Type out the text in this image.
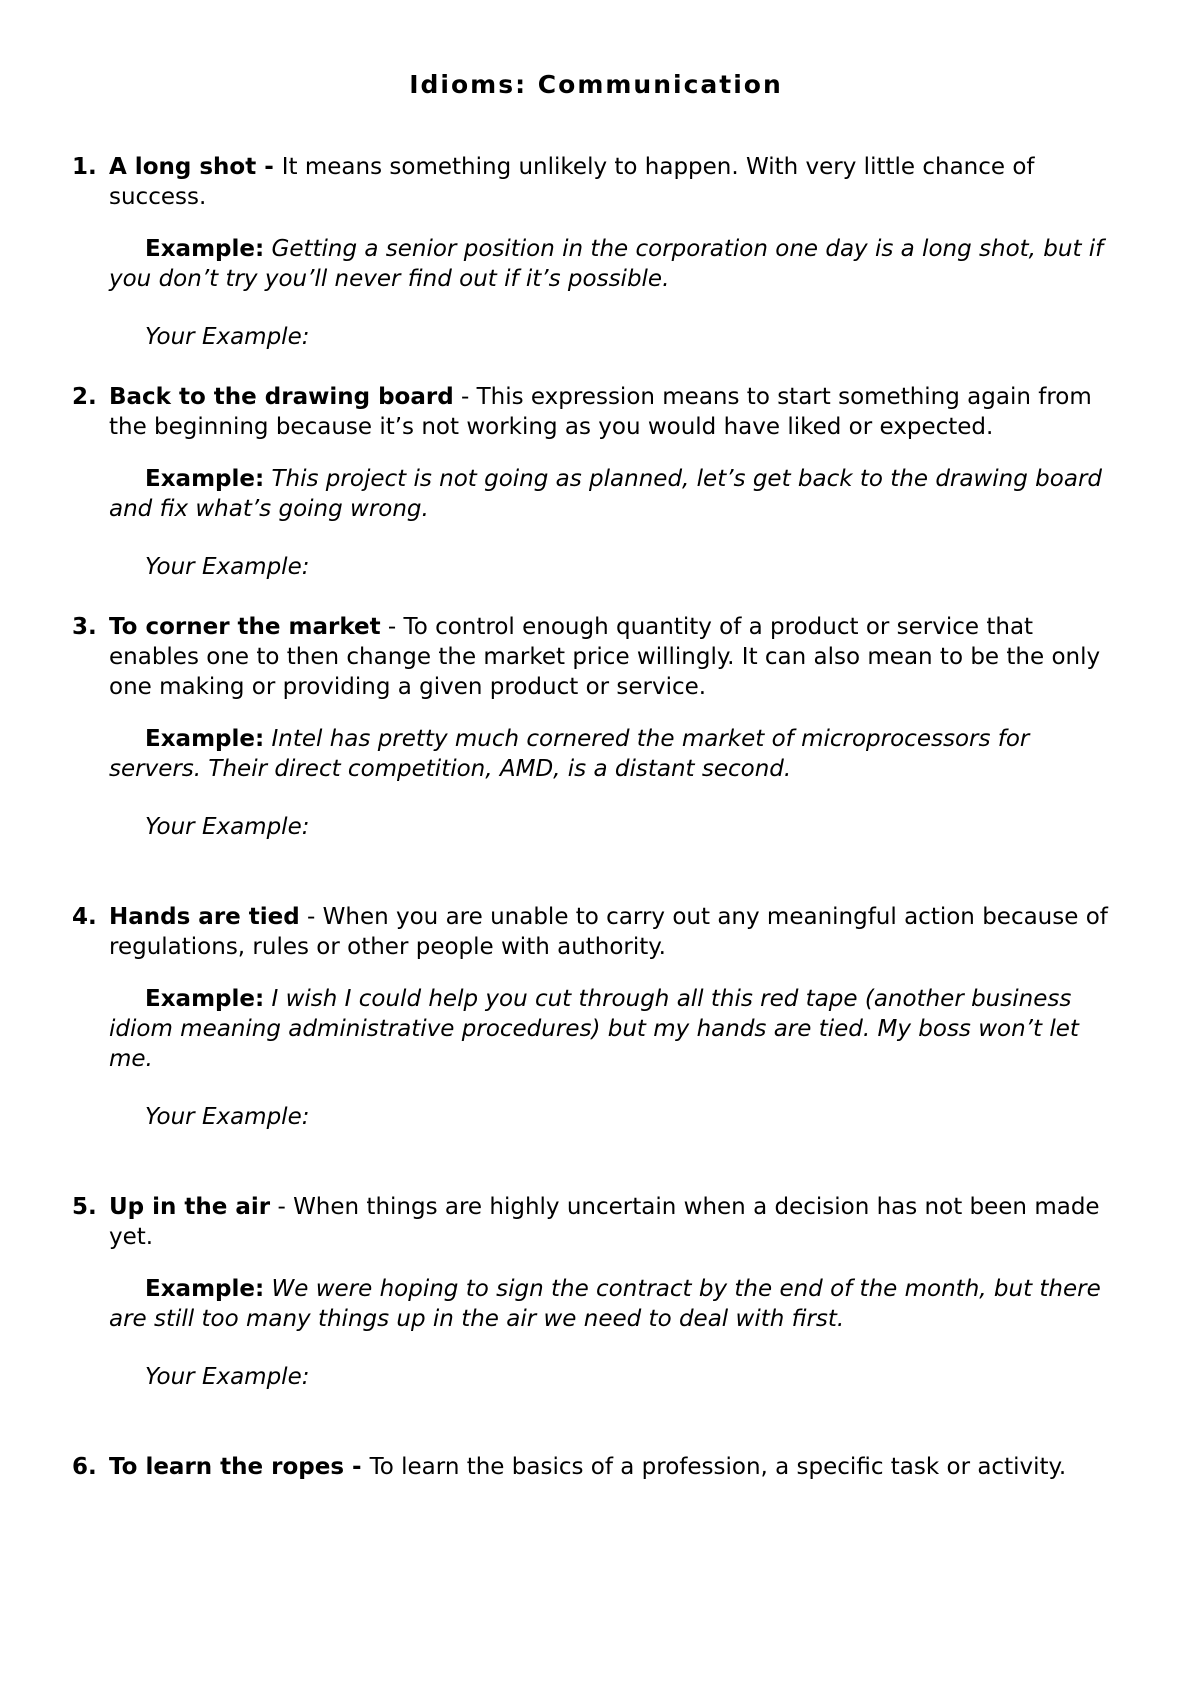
Idioms: Communication
1. A long shot - It means something unlikely to happen. With very little chance of success.

Example: Getting a senior position in the corporation one day is a long shot, but if you don’t try you’ll never find out if it’s possible.

Your Example:

2. Back to the drawing board - This expression means to start something again from the beginning because it’s not working as you would have liked or expected.

Example: This project is not going as planned, let’s get back to the drawing board and fix what’s going wrong.

Your Example:

3. To corner the market - To control enough quantity of a product or service that enables one to then change the market price willingly. It can also mean to be the only one making or providing a given product or service.

Example: Intel has pretty much cornered the market of microprocessors for servers. Their direct competition, AMD, is a distant second.

Your Example:

4. Hands are tied - When you are unable to carry out any meaningful action because of regulations, rules or other people with authority.

Example: I wish I could help you cut through all this red tape (another business idiom meaning administrative procedures) but my hands are tied. My boss won’t let me.

Your Example:

5. Up in the air - When things are highly uncertain when a decision has not been made yet.

Example: We were hoping to sign the contract by the end of the month, but there are still too many things up in the air we need to deal with first.

Your Example:

6. To learn the ropes - To learn the basics of a profession, a specific task or activity.
